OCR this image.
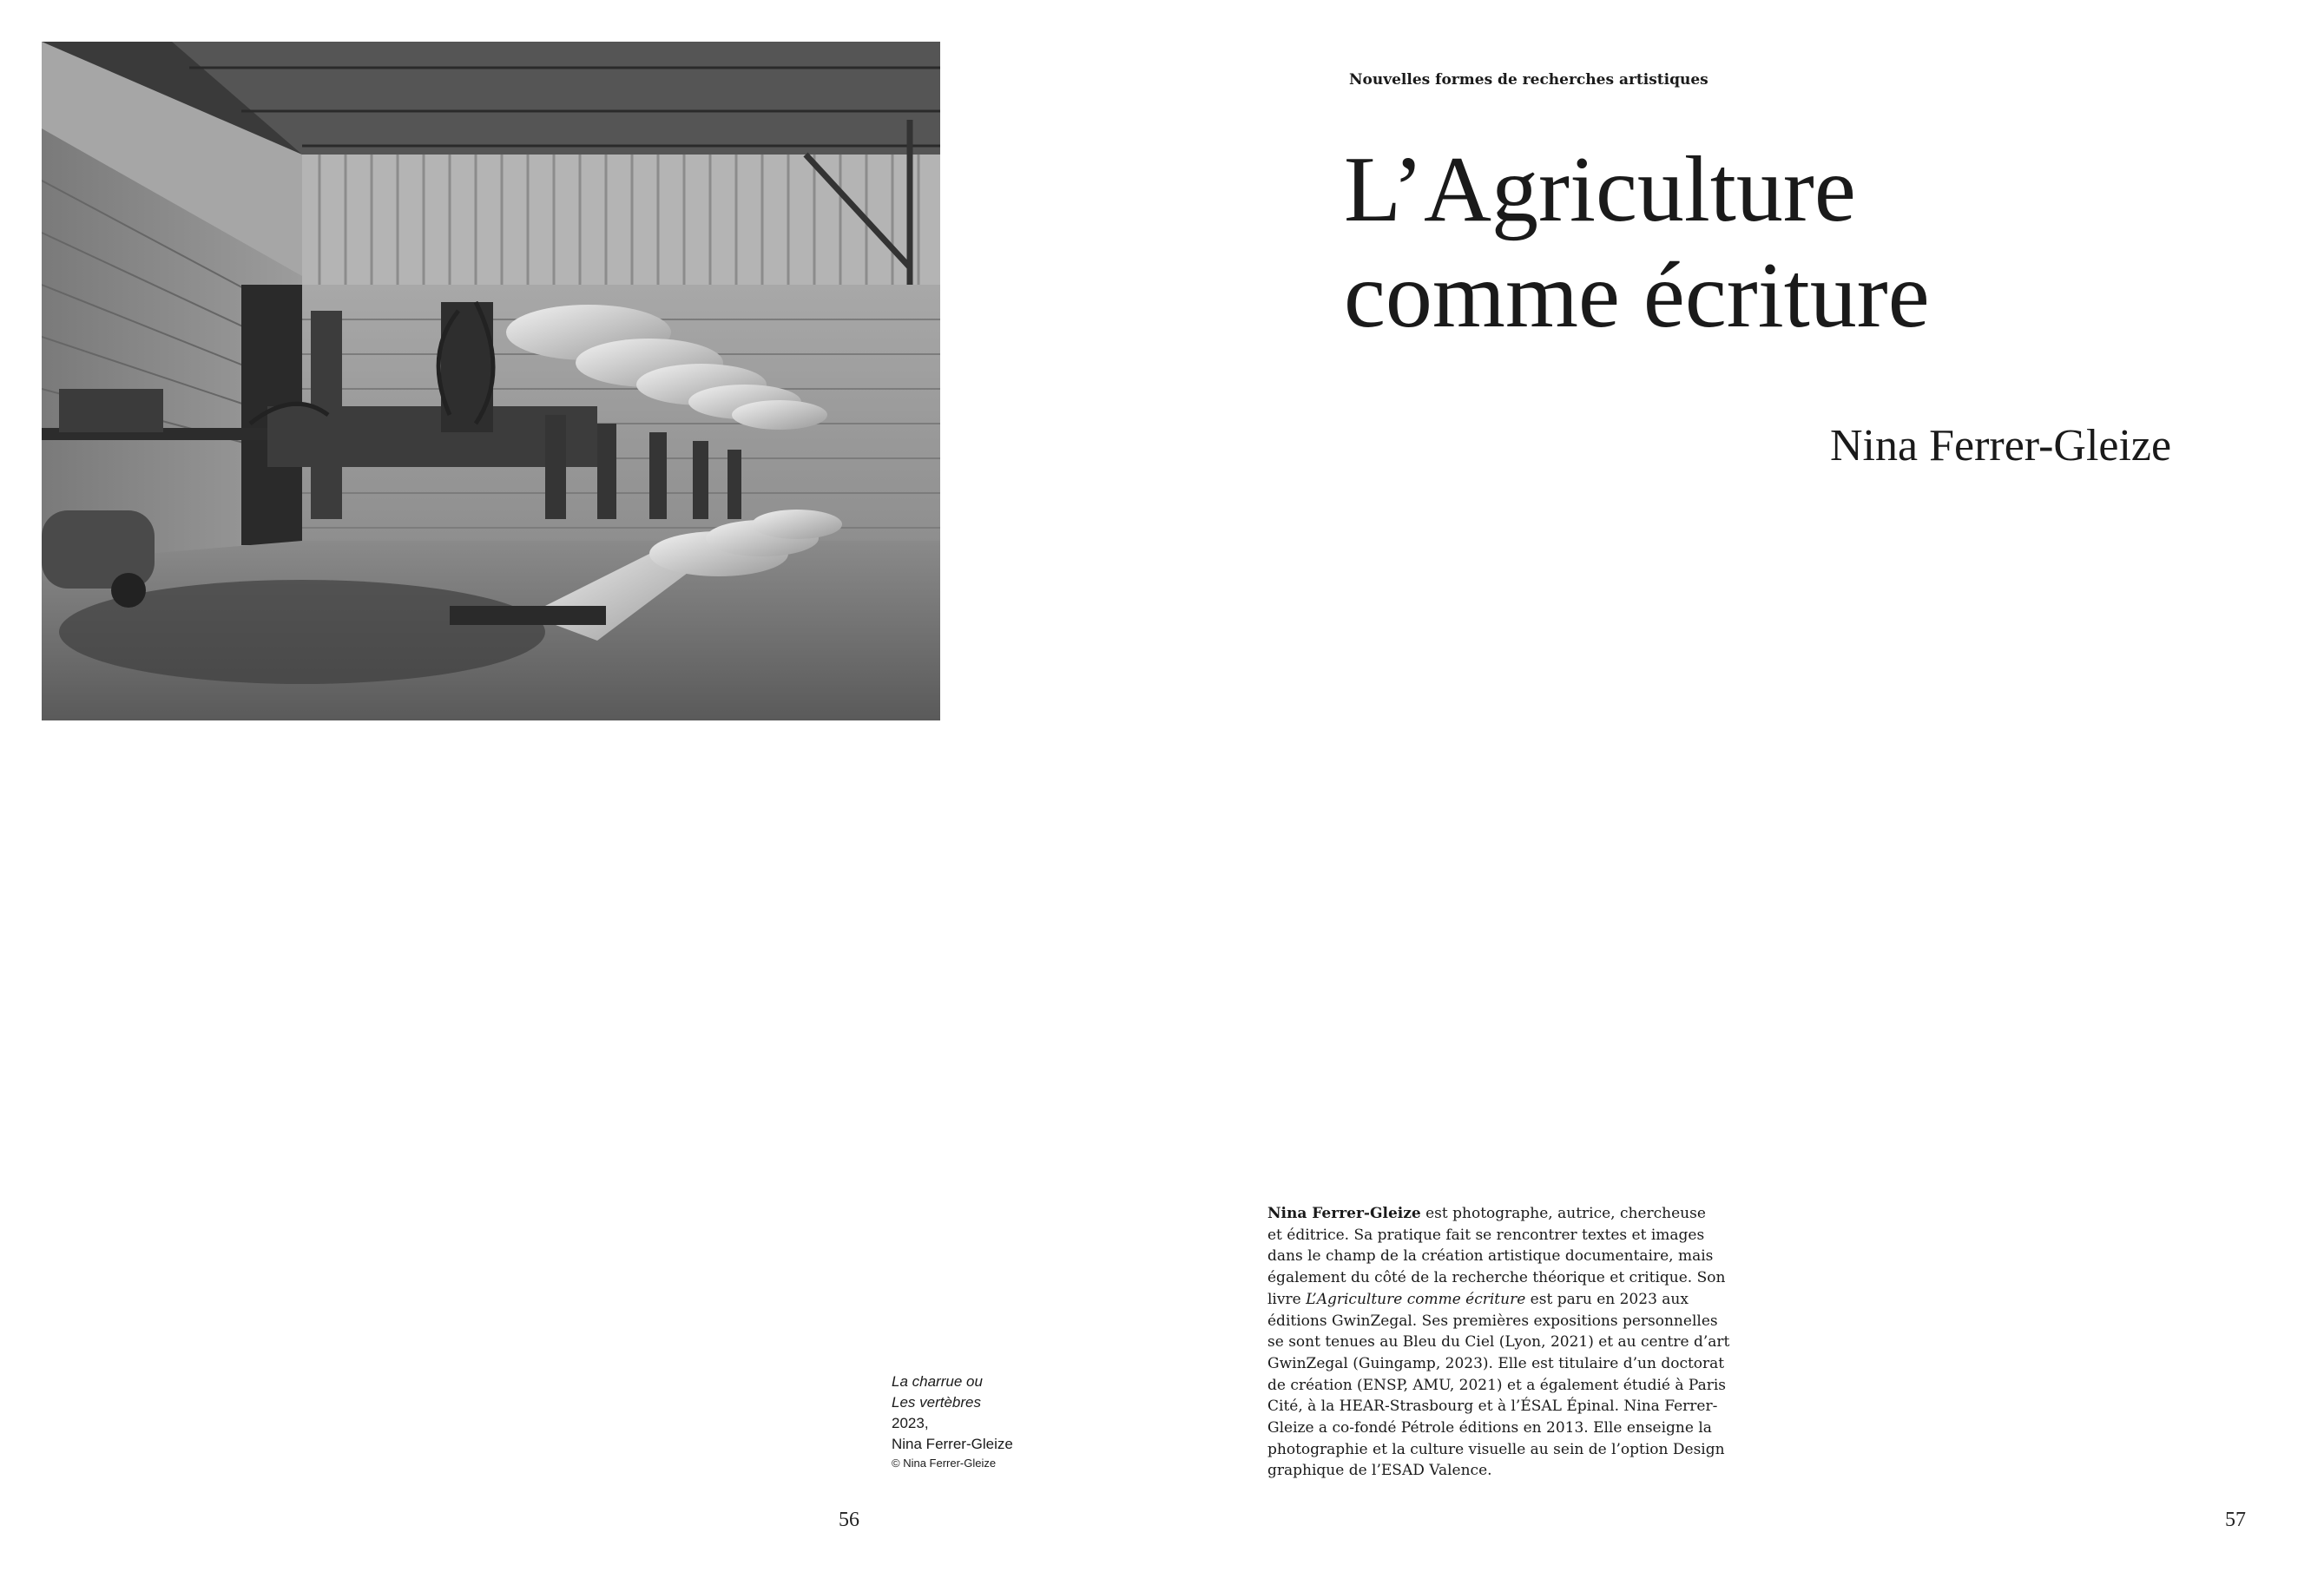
La charrue ou
Les vertèbres
2023,
Nina Ferrer-Gleize
© Nina Ferrer-Gleize
56	57
Nouvelles formes de recherches artistiques
L’Agriculture
comme écriture
Nina Ferrer-Gleize

Nina Ferrer-Gleize est photographe, autrice, chercheuse
et éditrice. Sa pratique fait se rencontrer textes et images
dans le champ de la création artistique documentaire, mais
également du côté de la recherche théorique et critique. Son
livre L’Agriculture comme écriture est paru en 2023 aux
éditions GwinZegal. Ses premières expositions personnelles
se sont tenues au Bleu du Ciel (Lyon, 2021) et au centre d’art
GwinZegal (Guingamp, 2023). Elle est titulaire d’un doctorat
de création (ENSP, AMU, 2021) et a également étudié à Paris
Cité, à la HEAR-Strasbourg et à l’ÉSAL Épinal. Nina Ferrer-
Gleize a co-fondé Pétrole éditions en 2013. Elle enseigne la
photographie et la culture visuelle au sein de l’option Design
graphique de l’ESAD Valence.
